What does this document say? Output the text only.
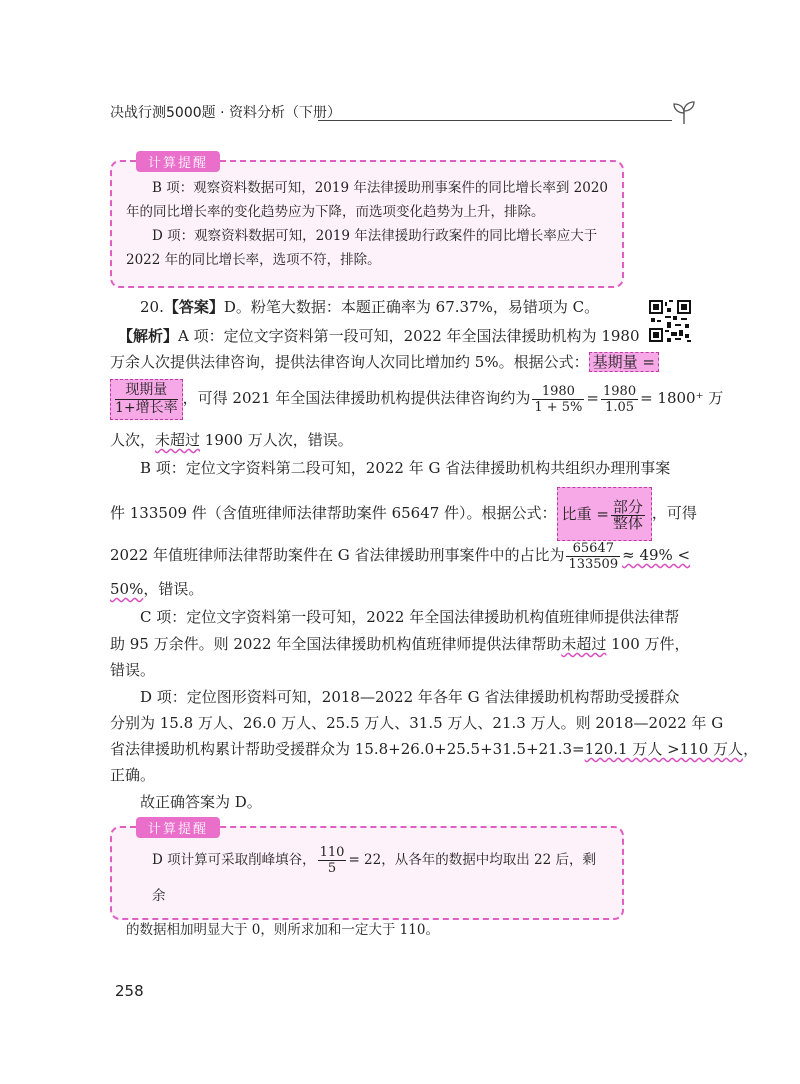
决战行测5000题 · 资料分析（下册）
计算提醒
B 项：观察资料数据可知，2019 年法律援助刑事案件的同比增长率到 2020
年的同比增长率的变化趋势应为下降，而选项变化趋势为上升，排除。
D 项：观察资料数据可知，2019 年法律援助行政案件的同比增长率应大于
2022 年的同比增长率，选项不符，排除。
20.【答案】D。粉笔大数据：本题正确率为 67.37%，易错项为 C。
【解析】A 项：定位文字资料第一段可知，2022 年全国法律援助机构为 1980
万余人次提供法律咨询，提供法律咨询人次同比增加约 5%。根据公式： 基期量 =
$\frac{\text{现期量}}{\text{1+增长率}}$，可得 2021 年全国法律援助机构提供法律咨询约为 $\frac{1980}{1 + 5\%} = \frac{1980}{1.05} = 1800^+$ 万
人次，未超过 1900 万人次，错误。
B 项：定位文字资料第二段可知，2022 年 G 省法律援助机构共组织办理刑事案
件 133509 件（含值班律师法律帮助案件 65647 件）。根据公式： 比重 = $\frac{\text{部分}}{\text{整体}}$ ，可得
2022 年值班律师法律帮助案件在 G 省法律援助刑事案件中的占比为 $\frac{65647}{133509} \approx 49\%$ <
50%，错误。
C 项：定位文字资料第一段可知，2022 年全国法律援助机构值班律师提供法律帮
助 95 万余件。则 2022 年全国法律援助机构值班律师提供法律帮助未超过 100 万件，
错误。
D 项：定位图形资料可知，2018—2022 年各年 G 省法律援助机构帮助受援群众
分别为 15.8 万人、26.0 万人、25.5 万人、31.5 万人、21.3 万人。则 2018—2022 年 G
省法律援助机构累计帮助受援群众为 15.8+26.0+25.5+31.5+21.3=120.1 万人 >110 万人，
正确。
故正确答案为 D。
计算提醒
D 项计算可采取削峰填谷， $\frac{110}{5} = 22$，从各年的数据中均取出 22 后，剩余
的数据相加明显大于 0，则所求加和一定大于 110。
258
